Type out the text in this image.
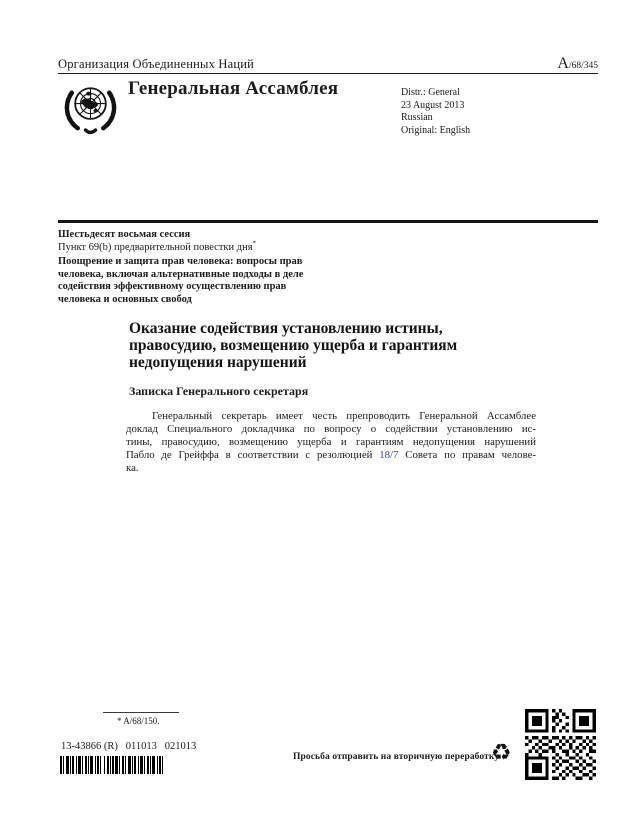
Организация Объединенных Наций	A/68/345
Генеральная Ассамблея	Distr.: General
23 August 2013
Russian
Original: English
Шестьдесят восьмая сессия
Пункт 69(b) предварительной повестки дня*
Поощрение и защита прав человека: вопросы прав
человека, включая альтернативные подходы в деле
содействия эффективному осуществлению прав
человека и основных свобод
Оказание содействия установлению истины,
правосудию, возмещению ущерба и гарантиям
недопущения нарушений
Записка Генерального секретаря
Генеральный секретарь имеет честь препроводить Генеральной Ассамблее
доклад Специального докладчика по вопросу о содействии установлению ис-
тины, правосудию, возмещению ущерба и гарантиям недопущения нарушений
Пабло де Грейффа в соответствии с резолюцией 18/7 Совета по правам челове-
ка.
* A/68/150.
13-43866 (R)   011013   021013
Просьба отправить на вторичную переработку
♻
